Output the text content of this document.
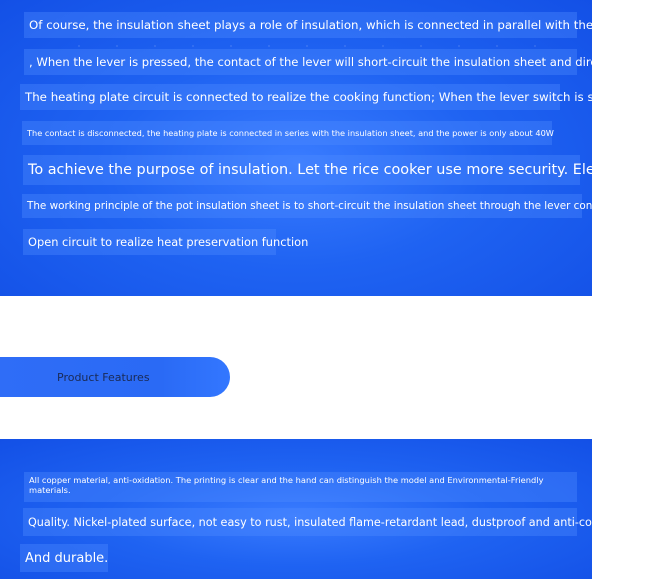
Of course, the insulation sheet plays a role of insulation, which is connected in parallel with the lever switch
, When the lever is pressed, the contact of the lever will short-circuit the insulation sheet and directly connect
The heating plate circuit is connected to realize the cooking function; When the lever switch is switched on,
The contact is disconnected, the heating plate is connected in series with the insulation sheet, and the power is only about 40W
To achieve the purpose of insulation. Let the rice cooker use more security. Electric Rice
The working principle of the pot insulation sheet is to short-circuit the insulation sheet through the lever contact or
Open circuit to realize heat preservation function
Product Features
All copper material, anti-oxidation. The printing is clear and the hand can distinguish the model and Environmental-Friendly materials.
Quality. Nickel-plated surface, not easy to rust, insulated flame-retardant lead, dustproof and anti-corrosion
And durable.
